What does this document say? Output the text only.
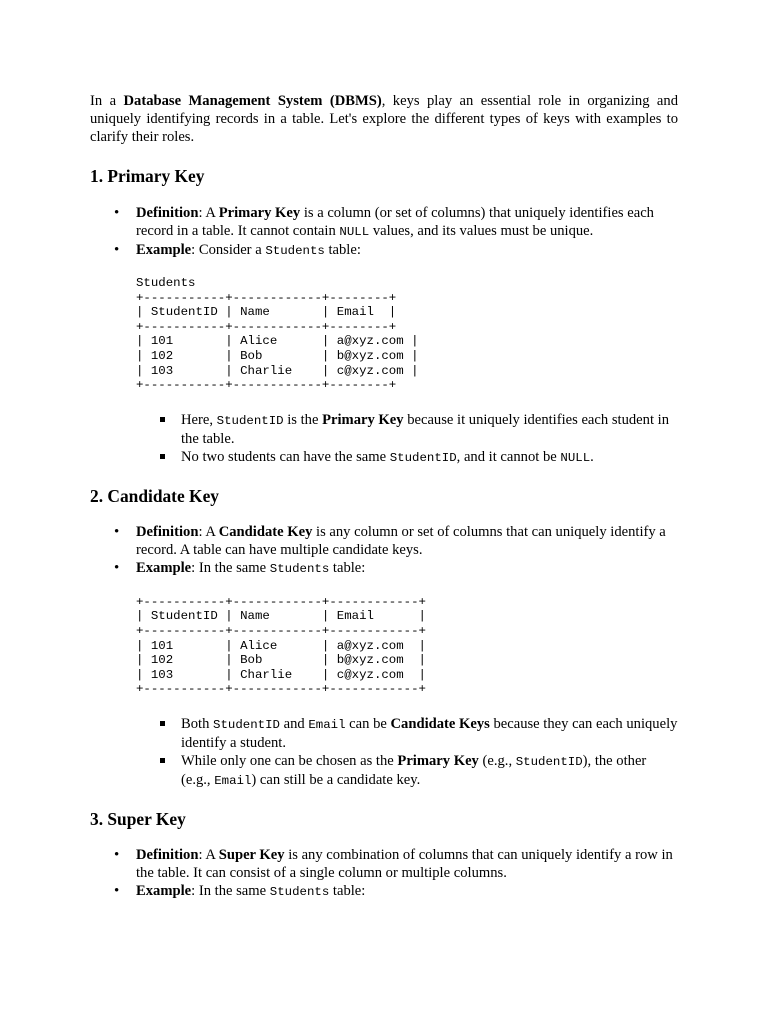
In a Database Management System (DBMS), keys play an essential role in organizing and uniquely identifying records in a table. Let's explore the different types of keys with examples to clarify their roles.

1. Primary Key
• Definition: A Primary Key is a column (or set of columns) that uniquely identifies each record in a table. It cannot contain NULL values, and its values must be unique.
• Example: Consider a Students table:
Students
+-----------+------------+--------+
| StudentID | Name       | Email  |
+-----------+------------+--------+
| 101       | Alice      | a@xyz.com |
| 102       | Bob        | b@xyz.com |
| 103       | Charlie    | c@xyz.com |
+-----------+------------+--------+
Here, StudentID is the Primary Key because it uniquely identifies each student in the table.
No two students can have the same StudentID, and it cannot be NULL.
2. Candidate Key
• Definition: A Candidate Key is any column or set of columns that can uniquely identify a record. A table can have multiple candidate keys.
• Example: In the same Students table:
+-----------+------------+------------+
| StudentID | Name       | Email      |
+-----------+------------+------------+
| 101       | Alice      | a@xyz.com  |
| 102       | Bob        | b@xyz.com  |
| 103       | Charlie    | c@xyz.com  |
+-----------+------------+------------+
Both StudentID and Email can be Candidate Keys because they can each uniquely identify a student.
While only one can be chosen as the Primary Key (e.g., StudentID), the other (e.g., Email) can still be a candidate key.
3. Super Key
• Definition: A Super Key is any combination of columns that can uniquely identify a row in the table. It can consist of a single column or multiple columns.
• Example: In the same Students table:
